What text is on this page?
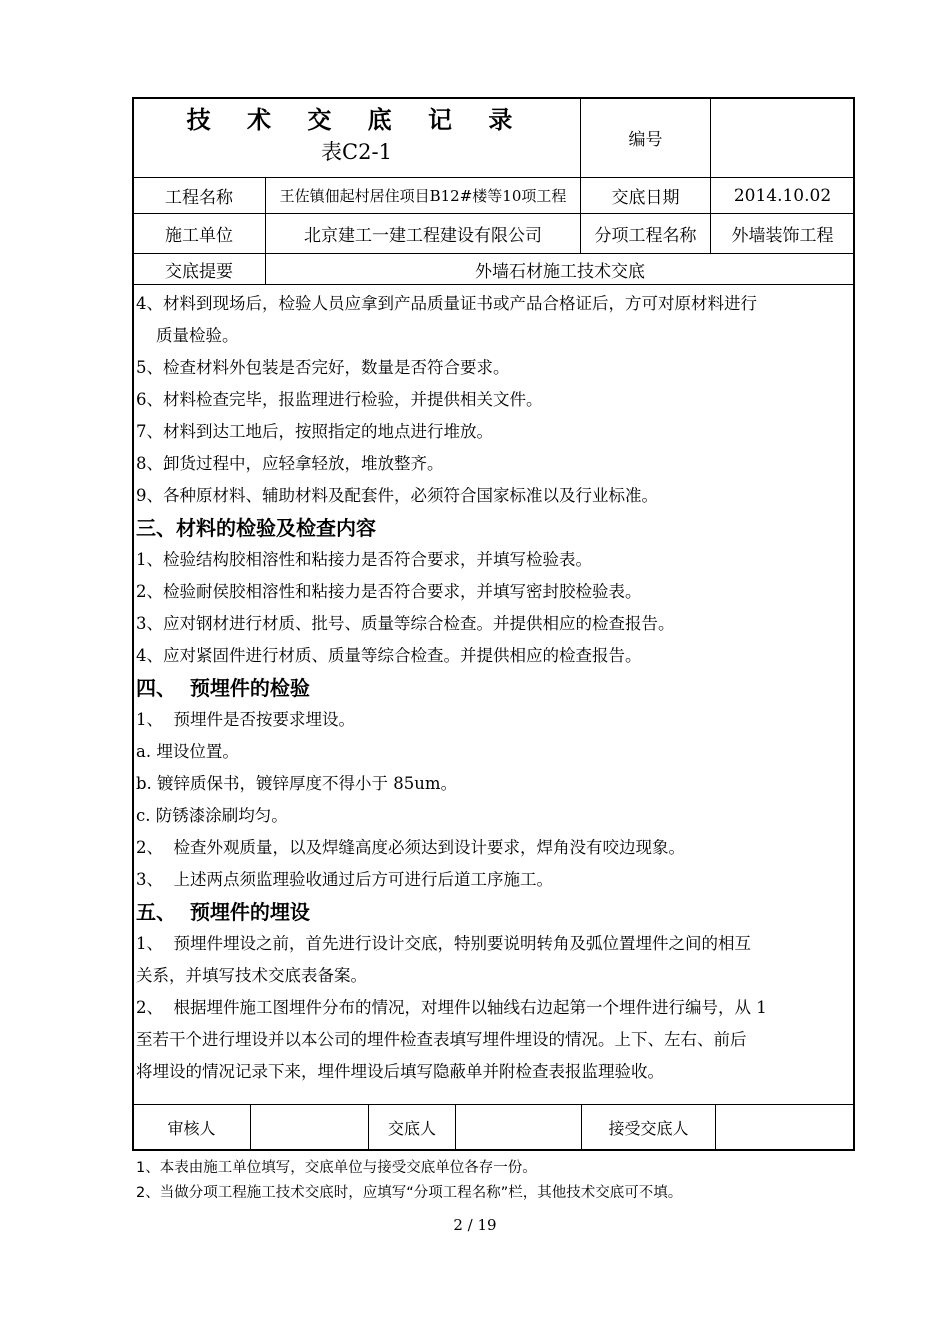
技 术 交 底 记 录
表C2-1	编号
工程名称	王佐镇佃起村居住项目B12#楼等10项工程	交底日期	2014.10.02
施工单位	北京建工一建工程建设有限公司	分项工程名称	外墙装饰工程
交底提要	外墙石材施工技术交底

4、材料到现场后，检验人员应拿到产品质量证书或产品合格证后，方可对原材料进行

质量检验。

5、检查材料外包装是否完好，数量是否符合要求。

6、材料检查完毕，报监理进行检验，并提供相关文件。

7、材料到达工地后，按照指定的地点进行堆放。

8、卸货过程中，应轻拿轻放，堆放整齐。

9、各种原材料、辅助材料及配套件，必须符合国家标准以及行业标准。

三、材料的检验及检查内容

1、检验结构胶相溶性和粘接力是否符合要求，并填写检验表。

2、检验耐侯胶相溶性和粘接力是否符合要求，并填写密封胶检验表。

3、应对钢材进行材质、批号、质量等综合检查。并提供相应的检查报告。

4、应对紧固件进行材质、质量等综合检查。并提供相应的检查报告。

四、  预埋件的检验

1、  预埋件是否按要求埋设。

a. 埋设位置。

b. 镀锌质保书，镀锌厚度不得小于 85um。

c. 防锈漆涂刷均匀。

2、  检查外观质量，以及焊缝高度必须达到设计要求，焊角没有咬边现象。

3、  上述两点须监理验收通过后方可进行后道工序施工。

五、  预埋件的埋设

1、  预埋件埋设之前，首先进行设计交底，特别要说明转角及弧位置埋件之间的相互

关系，并填写技术交底表备案。

2、  根据埋件施工图埋件分布的情况，对埋件以轴线右边起第一个埋件进行编号，从 1

至若干个进行埋设并以本公司的埋件检查表填写埋件埋设的情况。上下、左右、前后

将埋设的情况记录下来，埋件埋设后填写隐蔽单并附检查表报监理验收。

审核人	交底人	接受交底人
1、本表由施工单位填写，交底单位与接受交底单位各存一份。
2、当做分项工程施工技术交底时，应填写“分项工程名称”栏，其他技术交底可不填。
2 / 19
